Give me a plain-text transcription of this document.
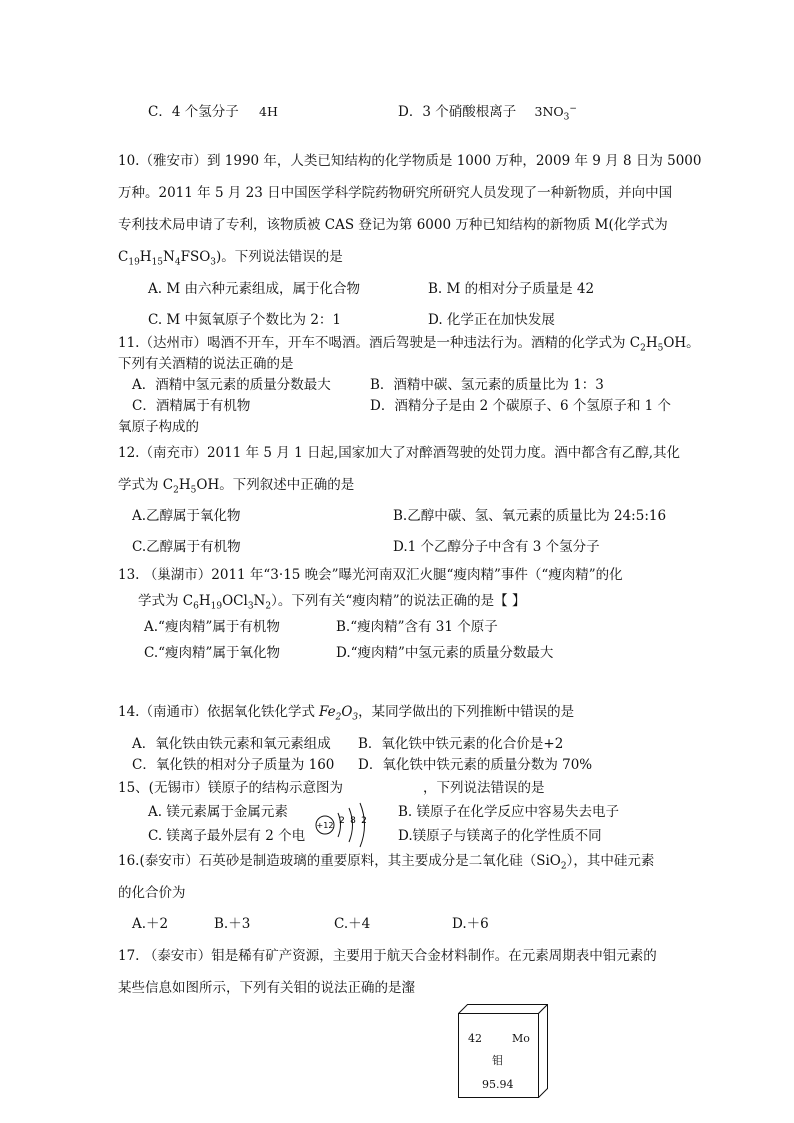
C．4 个氢分子 4H	D．3 个硝酸根离子 $3NO_3^-$
10.（雅安市）到 1990 年，人类已知结构的化学物质是 1000 万种，2009 年 9 月 8 日为 5000
万种。2011 年 5 月 23 日中国医学科学院药物研究所研究人员发现了一种新物质，并向中国
专利技术局申请了专利，该物质被 CAS 登记为第 6000 万种已知结构的新物质 M(化学式为
$C_{19}H_{15}N_4FSO_3$)。下列说法错误的是
A. M 由六种元素组成，属于化合物	B. M 的相对分子质量是 42
C. M 中氮氧原子个数比为 2：1	D. 化学正在加快发展
11.（达州市）喝酒不开车，开车不喝酒。酒后驾驶是一种违法行为。酒精的化学式为 $C_2H_5OH$。
下列有关酒精的说法正确的是
A．酒精中氢元素的质量分数最大	B．酒精中碳、氢元素的质量比为 1：3
C．酒精属于有机物	D．酒精分子是由 2 个碳原子、6 个氢原子和 1 个
氧原子构成的
12.（南充市）2011 年 5 月 1 日起,国家加大了对醉酒驾驶的处罚力度。酒中都含有乙醇,其化
学式为 $C_2H_5OH$。下列叙述中正确的是
A.乙醇属于氧化物	B.乙醇中碳、氢、氧元素的质量比为 24:5:16
C.乙醇属于有机物	D.1 个乙醇分子中含有 3 个氢分子
13. （巢湖市）2011 年“3·15 晚会”曝光河南双汇火腿“瘦肉精”事件（“瘦肉精”的化
学式为 $C_6H_{19}OCl_3N_2$）。下列有关“瘦肉精”的说法正确的是【 】
A.“瘦肉精”属于有机物	B.“瘦肉精”含有 31 个原子
C.“瘦肉精”属于氧化物	D.“瘦肉精”中氢元素的质量分数最大
14.（南通市）依据氧化铁化学式 $Fe_2O_3$，某同学做出的下列推断中错误的是
A．氧化铁由铁元素和氧元素组成 B．氧化铁中铁元素的化合价是+2
C．氧化铁的相对分子质量为 160 D．氧化铁中铁元素的质量分数为 70%
15、(无锡市）镁原子的结构示意图为	，下列说法错误的是
A. 镁元素属于金属元素	B. 镁原子在化学反应中容易失去电子
C. 镁离子最外层有 2 个电	D.镁原子与镁离子的化学性质不同
+12 2 8 2
16.(泰安市）石英砂是制造玻璃的重要原料，其主要成分是二氧化硅（SiO$_2$），其中硅元素
的化合价为
A.＋2	B.＋3	C.＋4	D.＋6
17. （泰安市）钼是稀有矿产资源，主要用于航天合金材料制作。在元素周期表中钼元素的
某些信息如图所示，下列有关钼的说法正确的是瀣
42	Mo
钼
95.94
